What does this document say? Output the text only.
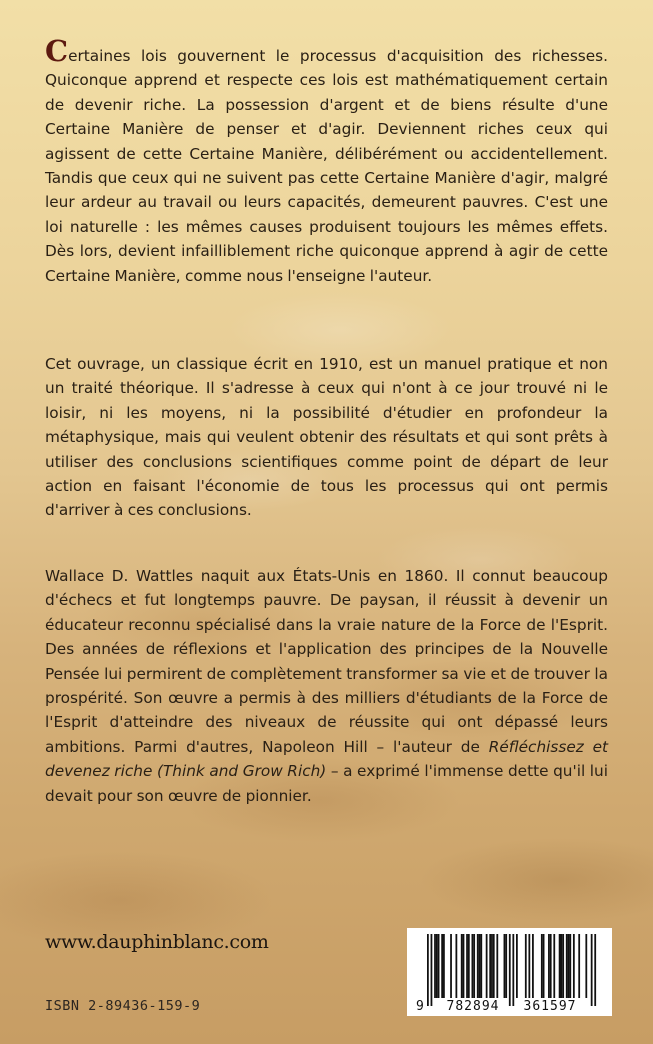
Certaines lois gouvernent le processus d'acquisition des richesses. Quiconque apprend et respecte ces lois est mathématiquement certain de devenir riche. La possession d'argent et de biens résulte d'une Certaine Manière de penser et d'agir. Deviennent riches ceux qui agissent de cette Certaine Manière, délibérément ou accidentellement. Tandis que ceux qui ne suivent pas cette Certaine Manière d'agir, malgré leur ardeur au travail ou leurs capacités, demeurent pauvres. C'est une loi naturelle : les mêmes causes produisent toujours les mêmes effets. Dès lors, devient infailliblement riche quiconque apprend à agir de cette Certaine Manière, comme nous l'enseigne l'auteur.

Cet ouvrage, un classique écrit en 1910, est un manuel pratique et non un traité théorique. Il s'adresse à ceux qui n'ont à ce jour trouvé ni le loisir, ni les moyens, ni la possibilité d'étudier en profondeur la métaphysique, mais qui veulent obtenir des résultats et qui sont prêts à utiliser des conclusions scientifiques comme point de départ de leur action en faisant l'économie de tous les processus qui ont permis d'arriver à ces conclusions.

Wallace D. Wattles naquit aux États-Unis en 1860. Il connut beaucoup d'échecs et fut longtemps pauvre. De paysan, il réussit à devenir un éducateur reconnu spécialisé dans la vraie nature de la Force de l'Esprit. Des années de réflexions et l'application des principes de la Nouvelle Pensée lui permirent de complètement transformer sa vie et de trouver la prospérité. Son œuvre a permis à des milliers d'étudiants de la Force de l'Esprit d'atteindre des niveaux de réussite qui ont dépassé leurs ambitions. Parmi d'autres, Napoleon Hill – l'auteur de Réfléchissez et devenez riche (Think and Grow Rich) – a exprimé l'immense dette qu'il lui devait pour son œuvre de pionnier.

www.dauphinblanc.com
ISBN 2-89436-159-9	9 782894 361597
